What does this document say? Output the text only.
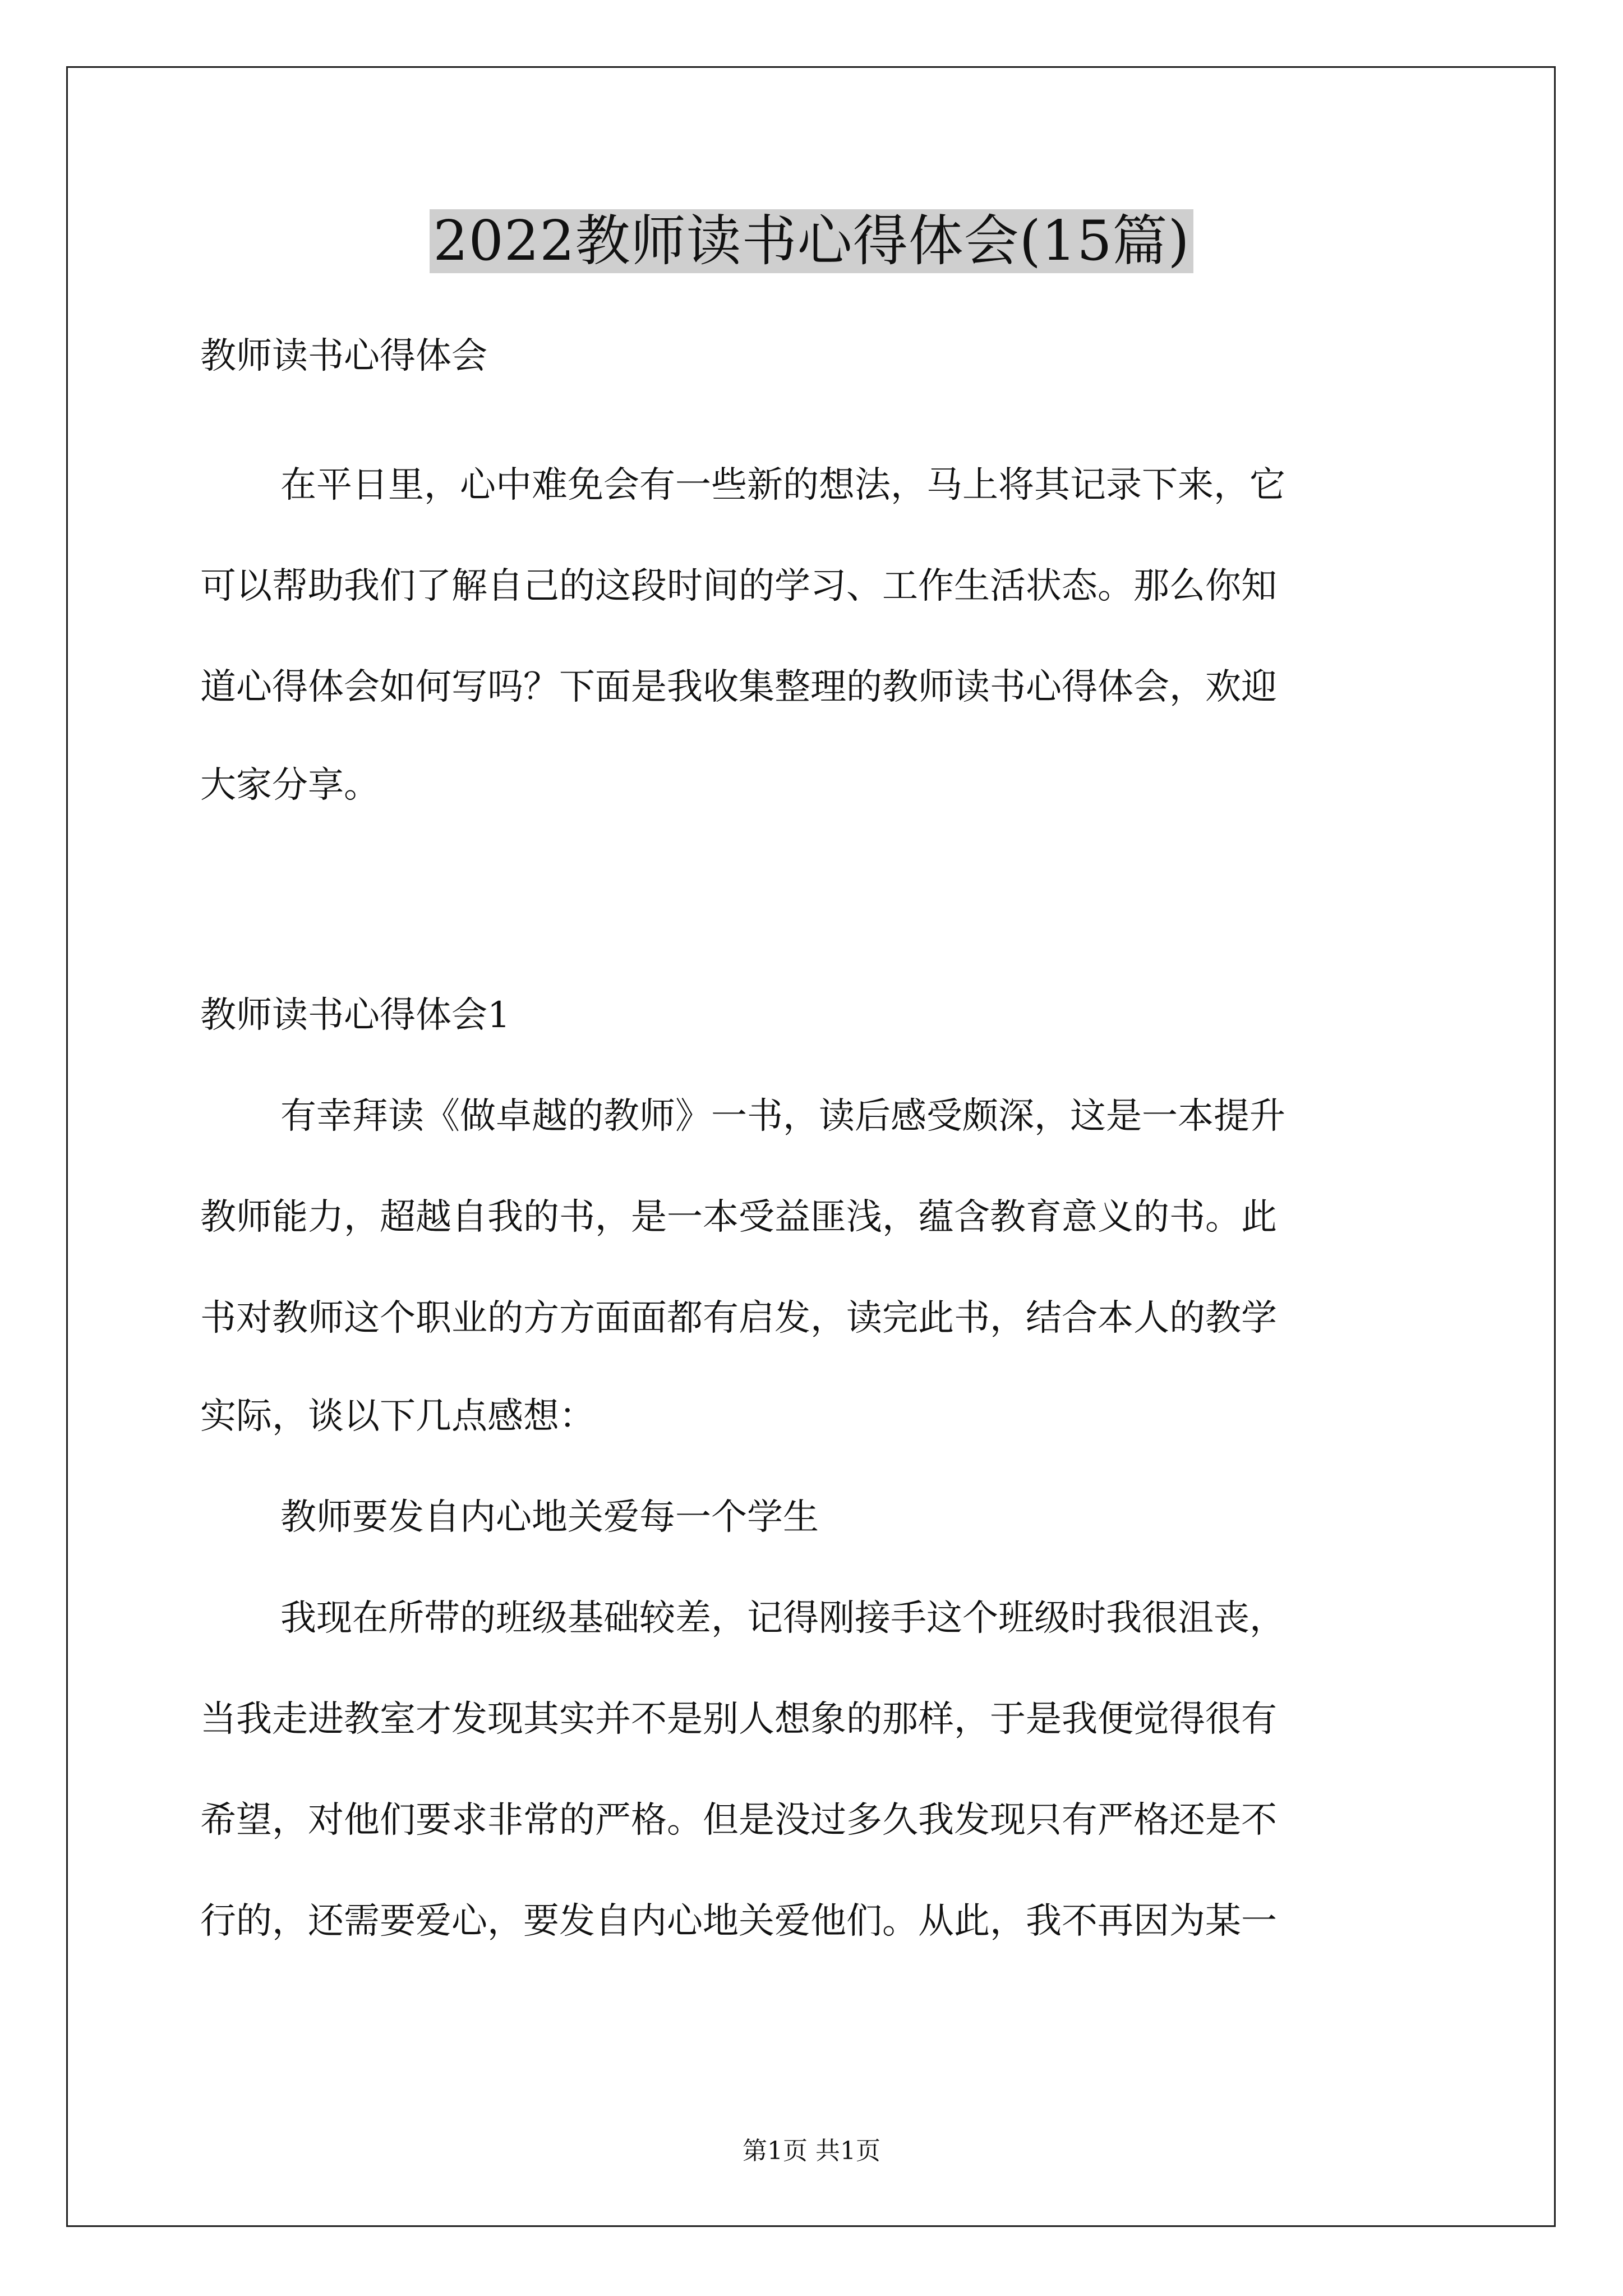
2022教师读书心得体会(15篇)
教师读书心得体会
在平日里，心中难免会有一些新的想法，马上将其记录下来，它
可以帮助我们了解自己的这段时间的学习、工作生活状态。那么你知
道心得体会如何写吗？下面是我收集整理的教师读书心得体会，欢迎
大家分享。
教师读书心得体会1
有幸拜读《做卓越的教师》一书，读后感受颇深，这是一本提升
教师能力，超越自我的书，是一本受益匪浅，蕴含教育意义的书。此
书对教师这个职业的方方面面都有启发，读完此书，结合本人的教学
实际，谈以下几点感想：
教师要发自内心地关爱每一个学生
我现在所带的班级基础较差，记得刚接手这个班级时我很沮丧，
当我走进教室才发现其实并不是别人想象的那样，于是我便觉得很有
希望，对他们要求非常的严格。但是没过多久我发现只有严格还是不
行的，还需要爱心，要发自内心地关爱他们。从此，我不再因为某一
第1页 共1页
